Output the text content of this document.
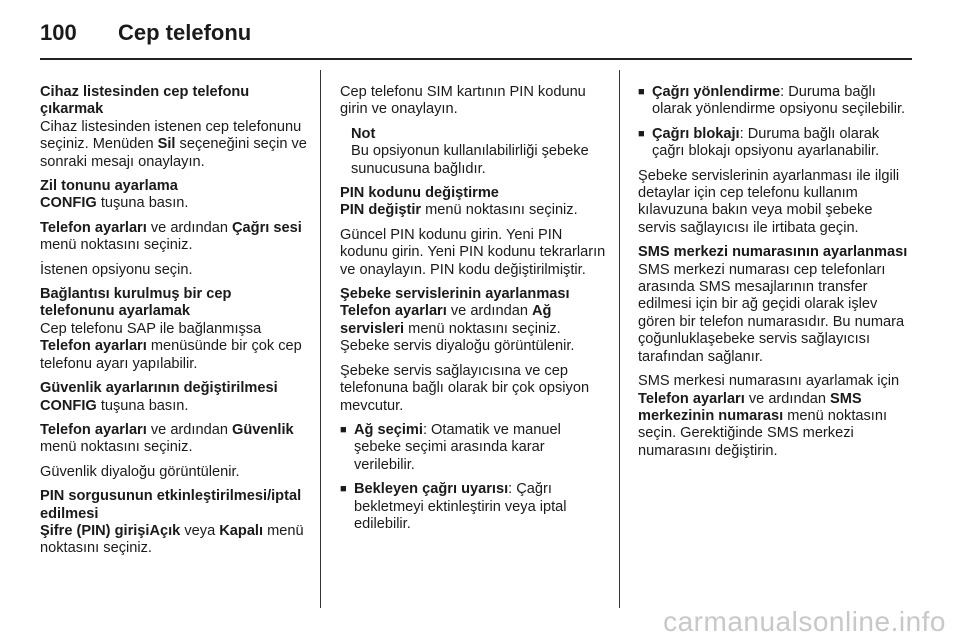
100 Cep telefonu
Cihaz listesinden cep telefonu çıkarmak

Cihaz listesinden istenen cep telefonunu seçiniz. Menüden Sil seçeneğini seçin ve sonraki mesajı onaylayın.

Zil tonunu ayarlama

CONFIG tuşuna basın.

Telefon ayarları ve ardından Çağrı sesi menü noktasını seçiniz.

İstenen opsiyonu seçin.

Bağlantısı kurulmuş bir cep telefonunu ayarlamak

Cep telefonu SAP ile bağlanmışsa Telefon ayarları menüsünde bir çok cep telefonu ayarı yapılabilir.

Güvenlik ayarlarının değiştirilmesi

CONFIG tuşuna basın.

Telefon ayarları ve ardından Güvenlik menü noktasını seçiniz.

Güvenlik diyaloğu görüntülenir.

PIN sorgusunun etkinleştirilmesi/iptal edilmesi

Şifre (PIN) girişiAçık veya Kapalı menü noktasını seçiniz.

Cep telefonu SIM kartının PIN kodunu girin ve onaylayın.

Not
Bu opsiyonun kullanılabilirliği şebeke sunucusuna bağlıdır.
PIN kodunu değiştirme

PIN değiştir menü noktasını seçiniz.

Güncel PIN kodunu girin. Yeni PIN kodunu girin. Yeni PIN kodunu tekrarların ve onaylayın. PIN kodu değiştirilmiştir.

Şebeke servislerinin ayarlanması

Telefon ayarları ve ardından Ağ servisleri menü noktasını seçiniz. Şebeke servis diyaloğu görüntülenir.

Şebeke servis sağlayıcısına ve cep telefonuna bağlı olarak bir çok opsiyon mevcutur.

■ Ağ seçimi: Otamatik ve manuel şebeke seçimi arasında karar verilebilir.
■ Bekleyen çağrı uyarısı: Çağrı bekletmeyi ektinleştirin veya iptal edilebilir.
■ Çağrı yönlendirme: Duruma bağlı olarak yönlendirme opsiyonu seçilebilir.
■ Çağrı blokajı: Duruma bağlı olarak çağrı blokajı opsiyonu ayarlanabilir.

Şebeke servislerinin ayarlanması ile ilgili detaylar için cep telefonu kullanım kılavuzuna bakın veya mobil şebeke servis sağlayıcısı ile irtibata geçin.

SMS merkezi numarasının ayarlanması

SMS merkezi numarası cep telefonları arasında SMS mesajlarının transfer edilmesi için bir ağ geçidi olarak işlev gören bir telefon numarasıdır. Bu numara çoğunluklaşebeke servis sağlayıcısı tarafından sağlanır.

SMS merkesi numarasını ayarlamak için Telefon ayarları ve ardından SMS merkezinin numarası menü noktasını seçin. Gerektiğinde SMS merkezi numarasını değiştirin.

carmanualsonline.info
